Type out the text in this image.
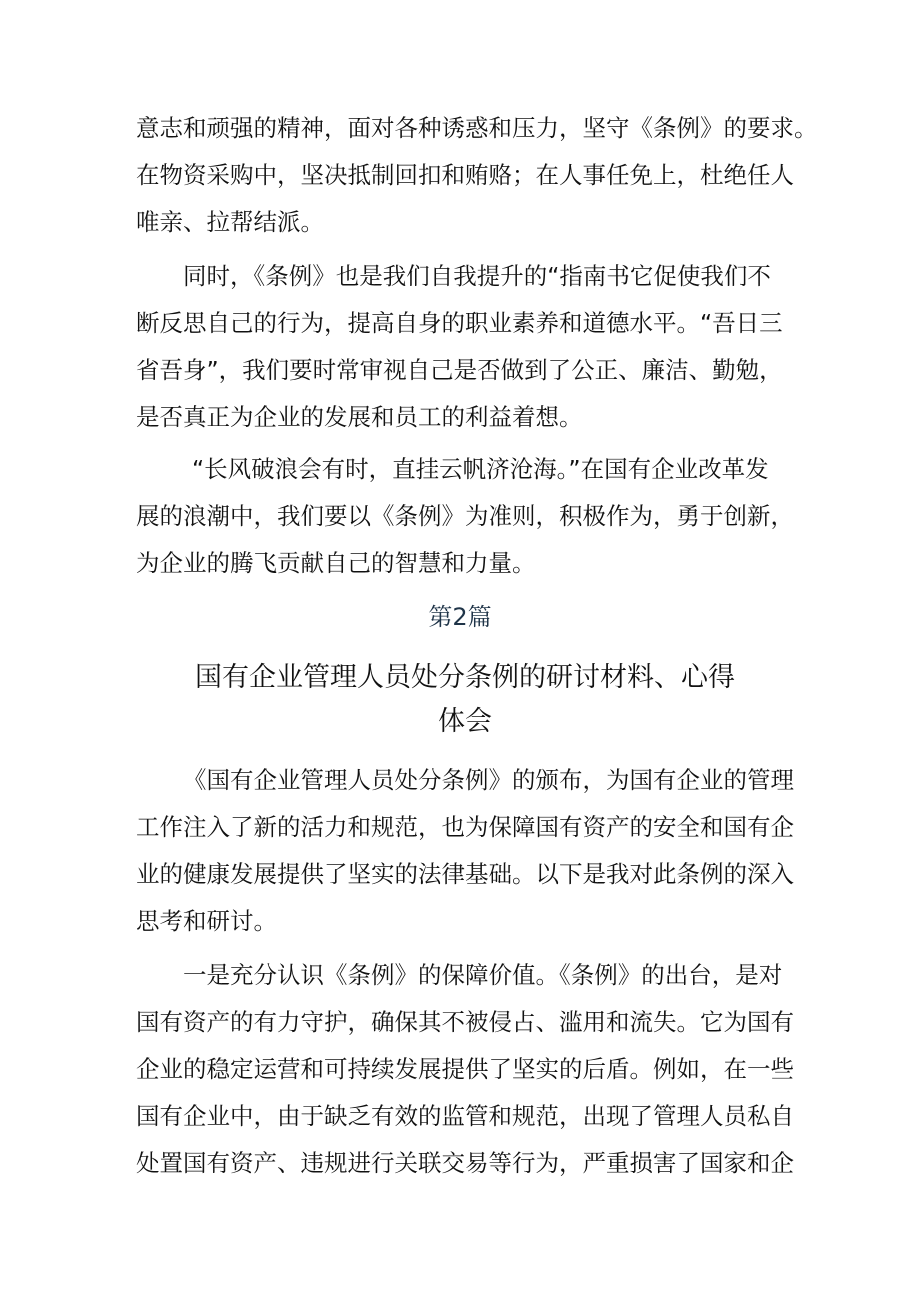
意志和顽强的精神，面对各种诱惑和压力，坚守《条例》的要求。
在物资采购中，坚决抵制回扣和贿赂；在人事任免上，杜绝任人
唯亲、拉帮结派。
同时，《条例》也是我们自我提升的“指南书它促使我们不
断反思自己的行为，提高自身的职业素养和道德水平。“吾日三
省吾身”，我们要时常审视自己是否做到了公正、廉洁、勤勉，
是否真正为企业的发展和员工的利益着想。
“长风破浪会有时，直挂云帆济沧海。”在国有企业改革发
展的浪潮中，我们要以《条例》为准则，积极作为，勇于创新，
为企业的腾飞贡献自己的智慧和力量。
第2篇
国有企业管理人员处分条例的研讨材料、心得
体会
《国有企业管理人员处分条例》的颁布，为国有企业的管理
工作注入了新的活力和规范，也为保障国有资产的安全和国有企
业的健康发展提供了坚实的法律基础。以下是我对此条例的深入
思考和研讨。
一是充分认识《条例》的保障价值。《条例》的出台，是对
国有资产的有力守护，确保其不被侵占、滥用和流失。它为国有
企业的稳定运营和可持续发展提供了坚实的后盾。例如，在一些
国有企业中，由于缺乏有效的监管和规范，出现了管理人员私自
处置国有资产、违规进行关联交易等行为，严重损害了国家和企
